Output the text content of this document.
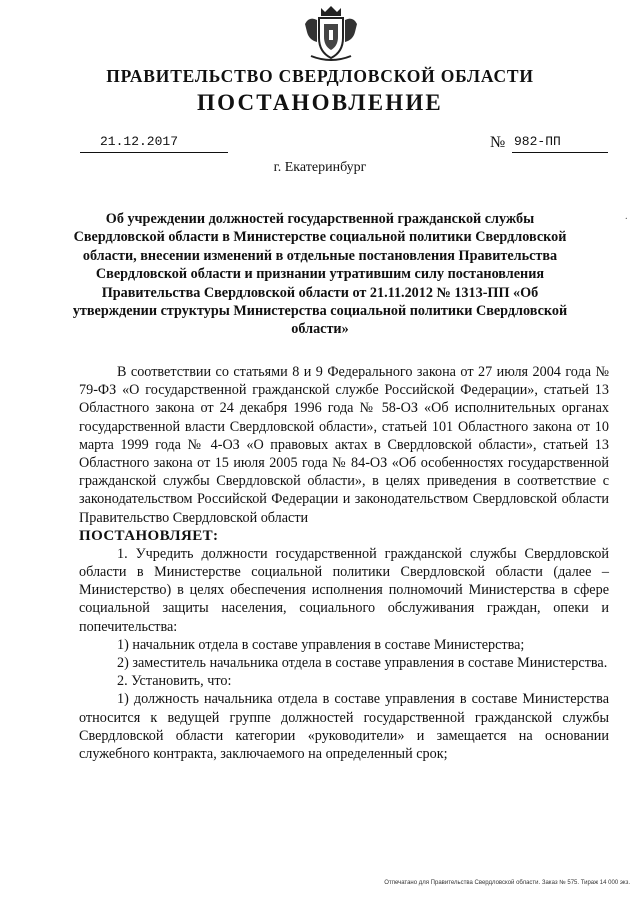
ПРАВИТЕЛЬСТВО СВЕРДЛОВСКОЙ ОБЛАСТИ
ПОСТАНОВЛЕНИЕ
21.12.2017	№ 982-ПП
г. Екатеринбург
Об учреждении должностей государственной гражданской службы Свердловской области в Министерстве социальной политики Свердловской области, внесении изменений в отдельные постановления Правительства Свердловской области и признании утратившим силу постановления Правительства Свердловской области от 21.11.2012 № 1313-ПП «Об утверждении структуры Министерства социальной политики Свердловской области»
·

В соответствии со статьями 8 и 9 Федерального закона от 27 июля 2004 года № 79-ФЗ «О государственной гражданской службе Российской Федерации», статьей 13 Областного закона от 24 декабря 1996 года № 58-ОЗ «Об исполнительных органах государственной власти Свердловской области», статьей 101 Областного закона от 10 марта 1999 года № 4-ОЗ «О правовых актах в Свердловской области», статьей 13 Областного закона от 15 июля 2005 года № 84-ОЗ «Об особенностях государственной гражданской службы Свердловской области», в целях приведения в соответствие с законодательством Российской Федерации и законодательством Свердловской области Правительство Свердловской области

ПОСТАНОВЛЯЕТ:

1. Учредить должности государственной гражданской службы Свердловской области в Министерстве социальной политики Свердловской области (далее – Министерство) в целях обеспечения исполнения полномочий Министерства в сфере социальной защиты населения, социального обслуживания граждан, опеки и попечительства:

1) начальник отдела в составе управления в составе Министерства;

2) заместитель начальника отдела в составе управления в составе Министерства.

2. Установить, что:

1) должность начальника отдела в составе управления в составе Министерства относится к ведущей группе должностей государственной гражданской службы Свердловской области категории «руководители» и замещается на основании служебного контракта, заключаемого на определенный срок;

Отпечатано для Правительства Свердловской области. Заказ № 575. Тираж 14 000 экз.
